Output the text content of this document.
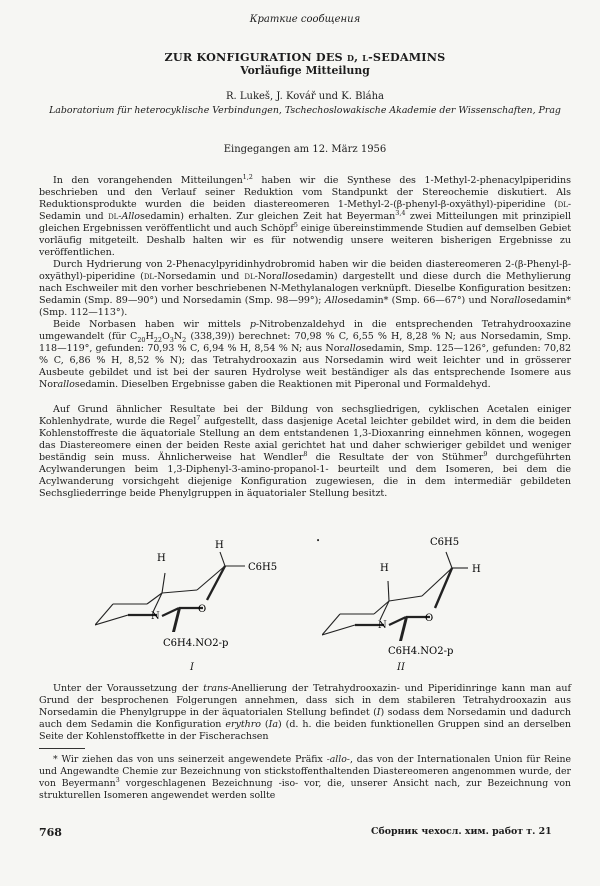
Краткие сообщения
ZUR KONFIGURATION DES d, l-SEDAMINS
Vorläufige Mitteilung
R. Lukeš, J. Kovář und K. Bláha
Laboratorium für heterocyklische Verbindungen, Tschechoslowakische Akademie der Wissenschaften, Prag
Eingegangen am 12. März 1956

In den vorangehenden Mitteilungen$^{1,2}$ haben wir die Synthese des 1-Methyl-2-phenacylpiperidins beschrieben und den Verlauf seiner Reduktion vom Standpunkt der Stereochemie diskutiert. Als Reduktionsprodukte wurden die beiden diastereomeren 1-Methyl-2-(β-phenyl-β-oxyäthyl)-piperidine (dl-Sedamin und dl-Allosedamin) erhalten. Zur gleichen Zeit hat Beyerman$^{3,4}$ zwei Mitteilungen mit prinzipiell gleichen Ergebnissen veröffentlicht und auch Schöpf$^5$ einige übereinstimmende Studien auf demselben Gebiet vorläufig mitgeteilt. Deshalb halten wir es für notwendig unsere weiteren bisherigen Ergebnisse zu veröffentlichen.

Durch Hydrierung von 2-Phenacylpyridinhydrobromid haben wir die beiden diastereomeren 2-(β-Phenyl-β-oxyäthyl)-piperidine (dl-Norsedamin und dl-Norallosedamin) dargestellt und diese durch die Methylierung nach Eschweiler mit den vorher beschriebenen N-Methylanalogen verknüpft. Dieselbe Konfiguration besitzen: Sedamin (Smp. 89—90°) und Norsedamin (Smp. 98—99°); Allosedamin* (Smp. 66—67°) und Norallosedamin* (Smp. 112—113°).

Beide Norbasen haben wir mittels p-Nitrobenzaldehyd in die entsprechenden Tetrahydrooxazine umgewandelt (für $C_{20}H_{22}O_3N_2$ (338,39)) berechnet: 70,98 % C, 6,55 % H, 8,28 % N; aus Norsedamin, Smp. 118—119°, gefunden: 70,93 % C, 6,94 % H, 8,54 % N; aus Norallosedamin, Smp. 125—126°, gefunden: 70,82 % C, 6,86 % H, 8,52 % N); das Tetrahydrooxazin aus Norsedamin wird weit leichter und in grösserer Ausbeute gebildet und ist bei der sauren Hydrolyse weit beständiger als das entsprechende Isomere aus Norallosedamin. Dieselben Ergebnisse gaben die Reaktionen mit Piperonal und Formaldehyd.

Auf Grund ähnlicher Resultate bei der Bildung von sechsgliedrigen, cyklischen Acetalen einiger Kohlenhydrate, wurde die Regel$^7$ aufgestellt, dass dasjenige Acetal leichter gebildet wird, in dem die beiden Kohlenstoffreste die äquatoriale Stellung an dem entstandenen 1,3-Dioxanring einnehmen können, wogegen das Diastereomere einen der beiden Reste axial gerichtet hat und daher schwieriger gebildet und weniger beständig sein muss. Ähnlicherweise hat Wendler$^8$ die Resultate der von Stühmer$^9$ durchgeführten Acylwanderungen beim 1,3-Diphenyl-3-amino-propanol-1- beurteilt und dem Isomeren, bei dem die Acylwanderung vorsichgeht diejenige Konfiguration zugewiesen, die in dem intermediär gebildeten Sechsgliederringe beide Phenylgruppen in äquatorialer Stellung besitzt.

H
H
C6H5
N
O
C6H4.NO2-p
•
H	H
C6H5
N
O
C6H4.NO2-p
I	II

Unter der Voraussetzung der trans-Anellierung der Tetrahydrooxazin- und Piperidinringe kann man auf Grund der besprochenen Folgerungen annehmen, dass sich in dem stabileren Tetrahydrooxazin aus Norsedamin die Phenylgruppe in der äquatorialen Stellung befindet (I) sodass dem Norsedamin und dadurch auch dem Sedamin die Konfiguration erythro (Ia) (d. h. die beiden funktionellen Gruppen sind an derselben Seite der Kohlenstoffkette in der Fischerachsen

* Wir ziehen das von uns seinerzeit angewendete Präfix -allo-, das von der Internationalen Union für Reine und Angewandte Chemie zur Bezeichnung von stickstoffenthaltenden Diastereomeren angenommen wurde, der von Beyermann$^3$ vorgeschlagenen Bezeichnung -iso- vor, die, unserer Ansicht nach, zur Bezeichnung von strukturellen Isomeren angewendet werden sollte

768	Сборник чехосл. хим. работ т. 21
